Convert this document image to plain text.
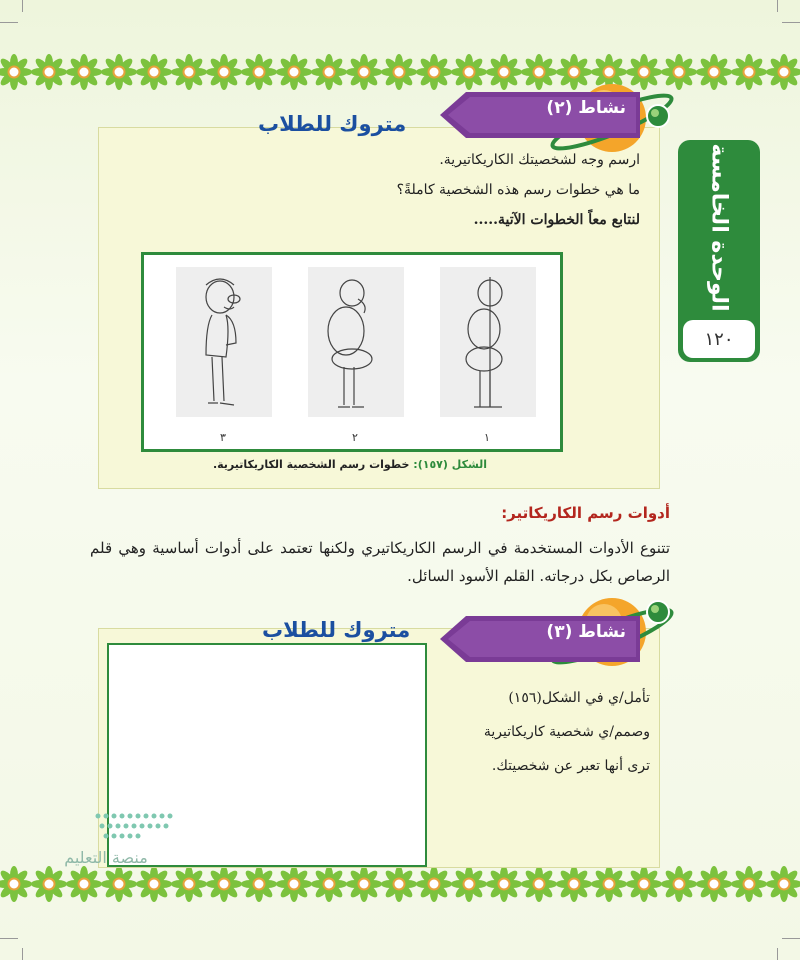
الوحدة الخامسة
١٢٠
نشاط (٢)
متروك للطلاب
ارسم وجه لشخصيتك الكاريكاتيرية.
ما هي خطوات رسم هذه الشخصية كاملةً؟
لنتابع معاً الخطوات الآتية.....
٣	٢	١
الشكل (١٥٧): خطوات رسم الشخصية الكاريكاتيرية.
أدوات رسم الكاريكاتير:
تتنوع الأدوات المستخدمة في الرسم الكاريكاتيري ولكنها تعتمد على أدوات أساسية وهي قلم الرصاص بكل درجاته. القلم الأسود السائل.
نشاط (٣)
متروك للطلاب
تأمل/ي في الشكل(١٥٦)
وصمم/ي شخصية كاريكاتيرية
ترى أنها تعبر عن شخصيتك.
منصة التعليم
